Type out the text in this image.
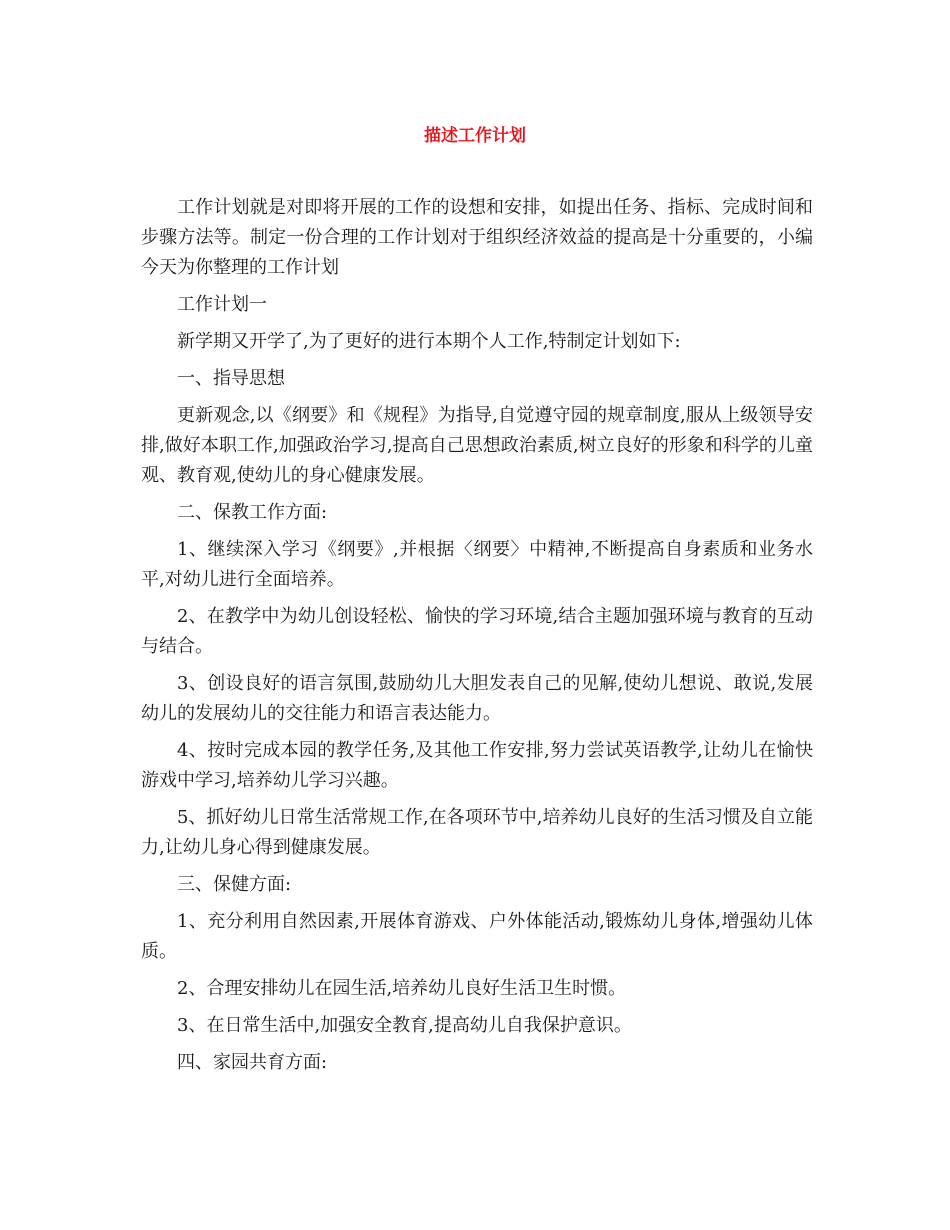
描述工作计划

工作计划就是对即将开展的工作的设想和安排，如提出任务、指标、完成时间和步骤方法等。制定一份合理的工作计划对于组织经济效益的提高是十分重要的，小编今天为你整理的工作计划

工作计划一

新学期又开学了,为了更好的进行本期个人工作,特制定计划如下:

一、指导思想

更新观念,以《纲要》和《规程》为指导,自觉遵守园的规章制度,服从上级领导安排,做好本职工作,加强政治学习,提高自己思想政治素质,树立良好的形象和科学的儿童观、教育观,使幼儿的身心健康发展。

二、保教工作方面:

1、继续深入学习《纲要》,并根据〈纲要〉中精神,不断提高自身素质和业务水平,对幼儿进行全面培养。

2、在教学中为幼儿创设轻松、愉快的学习环境,结合主题加强环境与教育的互动与结合。

3、创设良好的语言氛围,鼓励幼儿大胆发表自己的见解,使幼儿想说、敢说,发展幼儿的发展幼儿的交往能力和语言表达能力。

4、按时完成本园的教学任务,及其他工作安排,努力尝试英语教学,让幼儿在愉快游戏中学习,培养幼儿学习兴趣。

5、抓好幼儿日常生活常规工作,在各项环节中,培养幼儿良好的生活习惯及自立能力,让幼儿身心得到健康发展。

三、保健方面:

1、充分利用自然因素,开展体育游戏、户外体能活动,锻炼幼儿身体,增强幼儿体质。

2、合理安排幼儿在园生活,培养幼儿良好生活卫生时惯。

3、在日常生活中,加强安全教育,提高幼儿自我保护意识。

四、家园共育方面:
